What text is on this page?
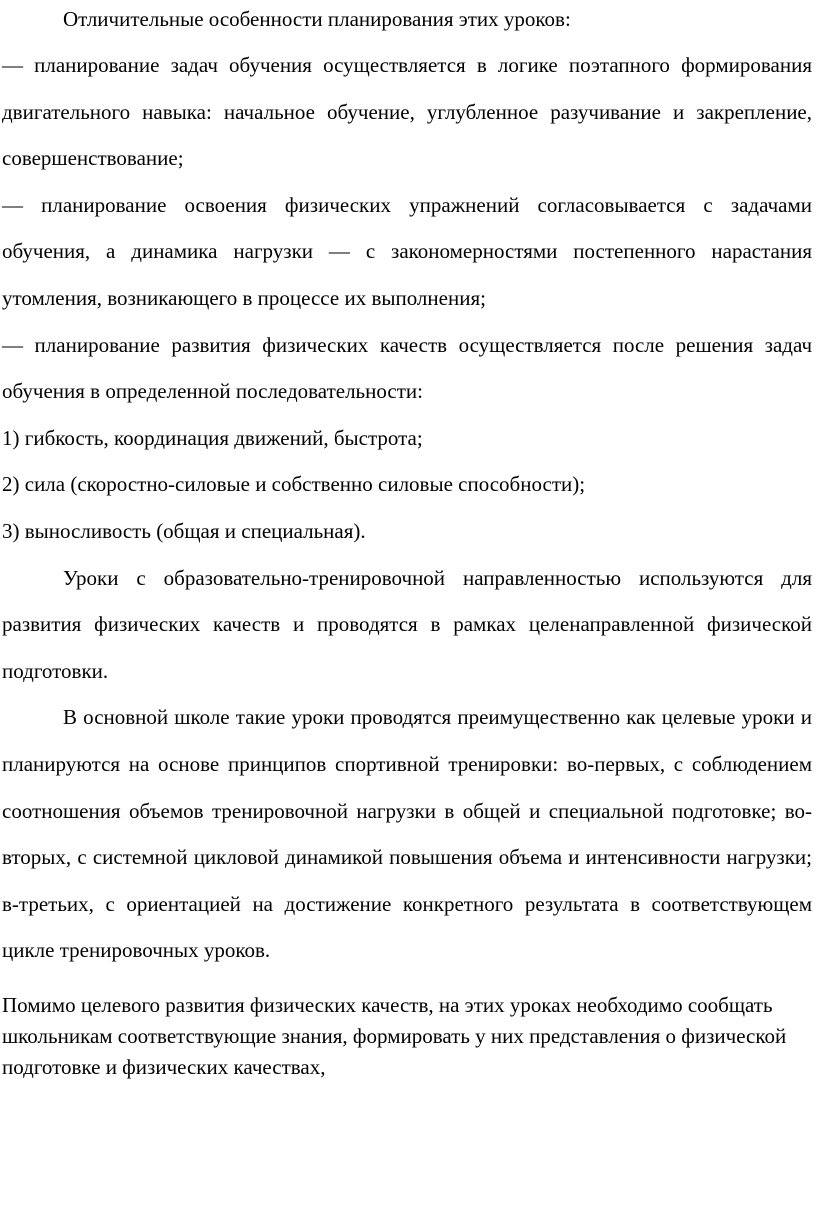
Отличительные особенности планирования этих уроков:

— планирование задач обучения осуществляется в логике поэтапного формирования двигательного навыка: начальное обучение, углубленное разучивание и закрепление, совершенствование;

— планирование освоения физических упражнений согласовывается с задачами обучения, а динамика нагрузки — с закономерностями постепенного нарастания утомления, возникающего в процессе их выполнения;

— планирование развития физических качеств осуществляется после решения задач обучения в определенной последовательности:

1) гибкость, координация движений, быстрота;

2) сила (скоростно-силовые и собственно силовые способности);

3) выносливость (общая и специальная).

Уроки с образовательно-тренировочной направленностью используются для развития физических качеств и проводятся в рамках целенаправленной физической подготовки.

В основной школе такие уроки проводятся преимущественно как целевые уроки и планируются на основе принципов спортивной тренировки: во-первых, с соблюдением соотношения объемов тренировочной нагрузки в общей и специальной подготовке; во-вторых, с системной цикловой динамикой повышения объема и интенсивности нагрузки; в-третьих, с ориентацией на достижение конкретного результата в соответствующем цикле тренировочных уроков.

Помимо целевого развития физических качеств, на этих уроках необходимо сообщать школьникам соответствующие знания, формировать у них представления о физической подготовке и физических качествах,
